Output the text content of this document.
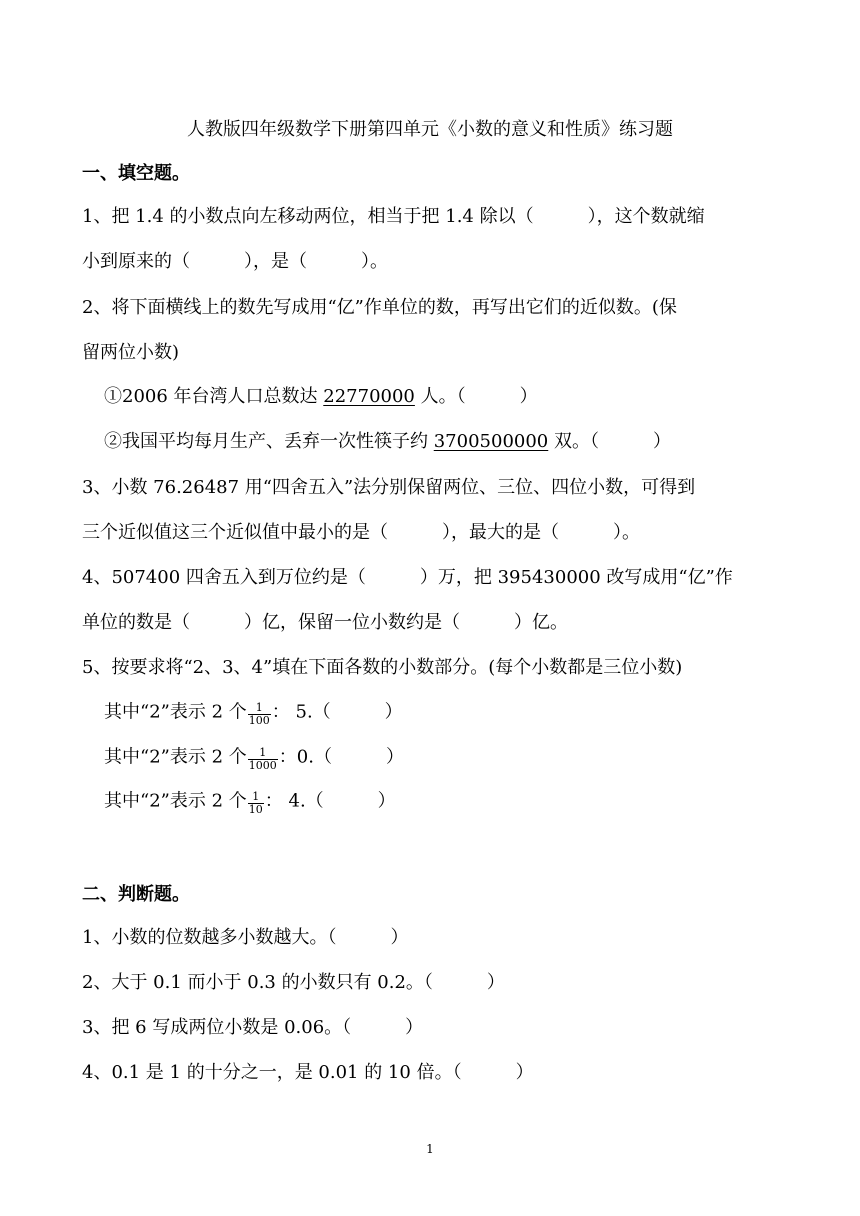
人教版四年级数学下册第四单元《小数的意义和性质》练习题
一、填空题。
1、把 1.4 的小数点向左移动两位，相当于把 1.4 除以（　　　），这个数就缩
小到原来的（　　　），是（　　　）。
2、将下面横线上的数先写成用“亿”作单位的数，再写出它们的近似数。(保
留两位小数)
①2006 年台湾人口总数达 22770000 人。（　　　）
②我国平均每月生产、丢弃一次性筷子约 3700500000 双。（　　　）
3、小数 76.26487 用“四舍五入”法分别保留两位、三位、四位小数，可得到
三个近似值这三个近似值中最小的是（　　　），最大的是（　　　）。
4、507400 四舍五入到万位约是（　　　）万，把 395430000 改写成用“亿”作
单位的数是（　　　）亿，保留一位小数约是（　　　）亿。
5、按要求将“2、3、4”填在下面各数的小数部分。(每个小数都是三位小数)
其中“2”表示 2 个 $\frac{1}{100}$ ： 5.（　　　）
其中“2”表示 2 个 $\frac{1}{1000}$ ：0.（　　　）
其中“2”表示 2 个 $\frac{1}{10}$ ： 4.（　　　）
二、判断题。
1、小数的位数越多小数越大。（　　　）
2、大于 0.1 而小于 0.3 的小数只有 0.2。（　　　）
3、把 6 写成两位小数是 0.06。（　　　）
4、0.1 是 1 的十分之一，是 0.01 的 10 倍。（　　　）
1
